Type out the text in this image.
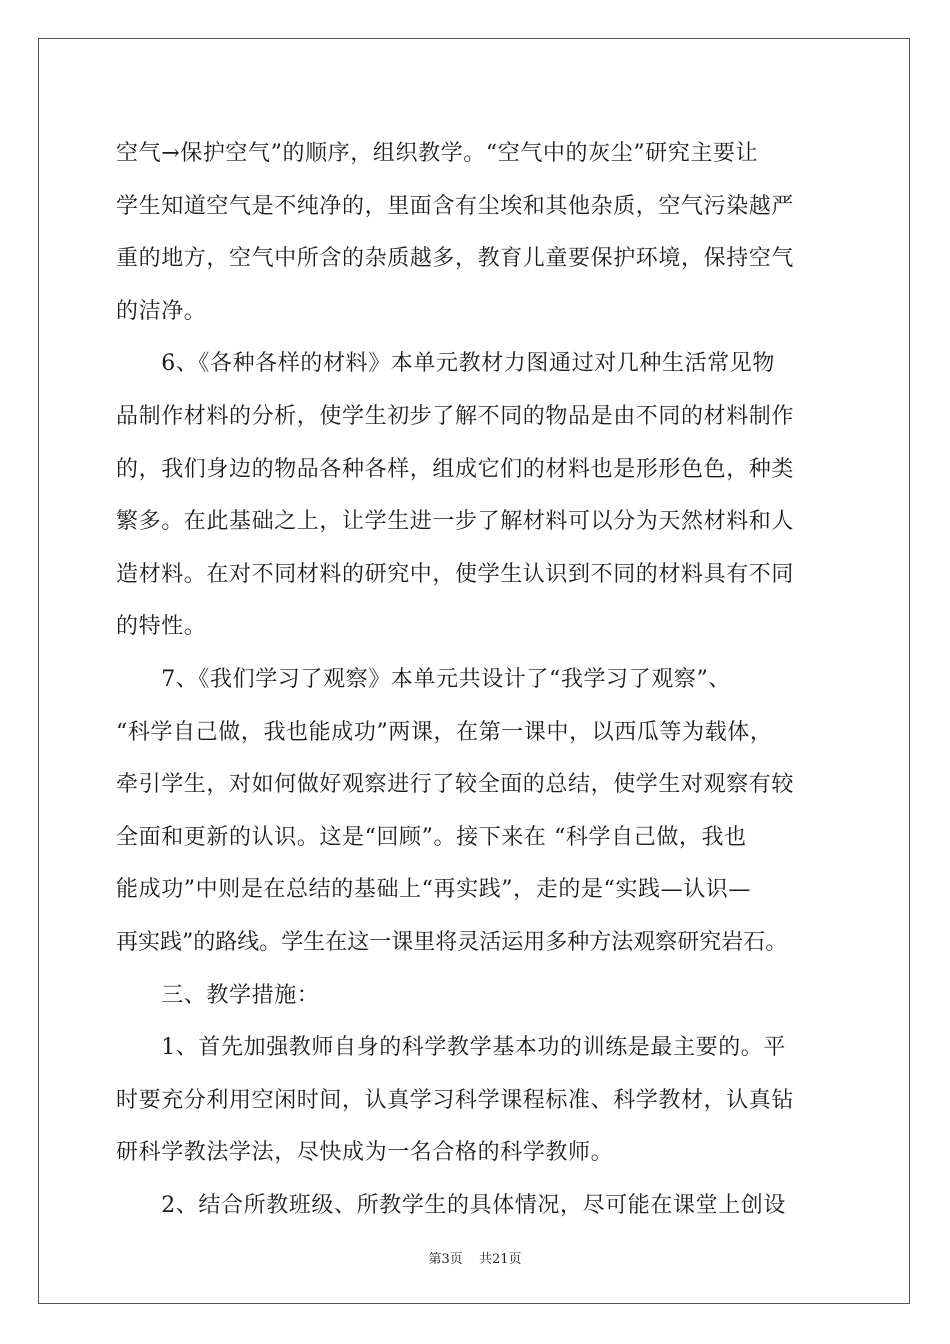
空气→保护空气”的顺序，组织教学。“空气中的灰尘”研究主要让
学生知道空气是不纯净的，里面含有尘埃和其他杂质，空气污染越严
重的地方，空气中所含的杂质越多，教育儿童要保护环境，保持空气
的洁净。
　　6、《各种各样的材料》本单元教材力图通过对几种生活常见物
品制作材料的分析，使学生初步了解不同的物品是由不同的材料制作
的，我们身边的物品各种各样，组成它们的材料也是形形色色，种类
繁多。在此基础之上，让学生进一步了解材料可以分为天然材料和人
造材料。在对不同材料的研究中，使学生认识到不同的材料具有不同
的特性。
　　7、《我们学习了观察》本单元共设计了“我学习了观察”、
“科学自己做，我也能成功”两课，在第一课中，以西瓜等为载体，
牵引学生，对如何做好观察进行了较全面的总结，使学生对观察有较
全面和更新的认识。这是“回顾”。接下来在 “科学自己做，我也
能成功”中则是在总结的基础上“再实践”，走的是“实践—认识—
再实践”的路线。学生在这一课里将灵活运用多种方法观察研究岩石。
　　三、教学措施：
　　1、首先加强教师自身的科学教学基本功的训练是最主要的。平
时要充分利用空闲时间，认真学习科学课程标准、科学教材，认真钻
研科学教法学法，尽快成为一名合格的科学教师。
　　2、结合所教班级、所教学生的具体情况，尽可能在课堂上创设
第3页 共21页
